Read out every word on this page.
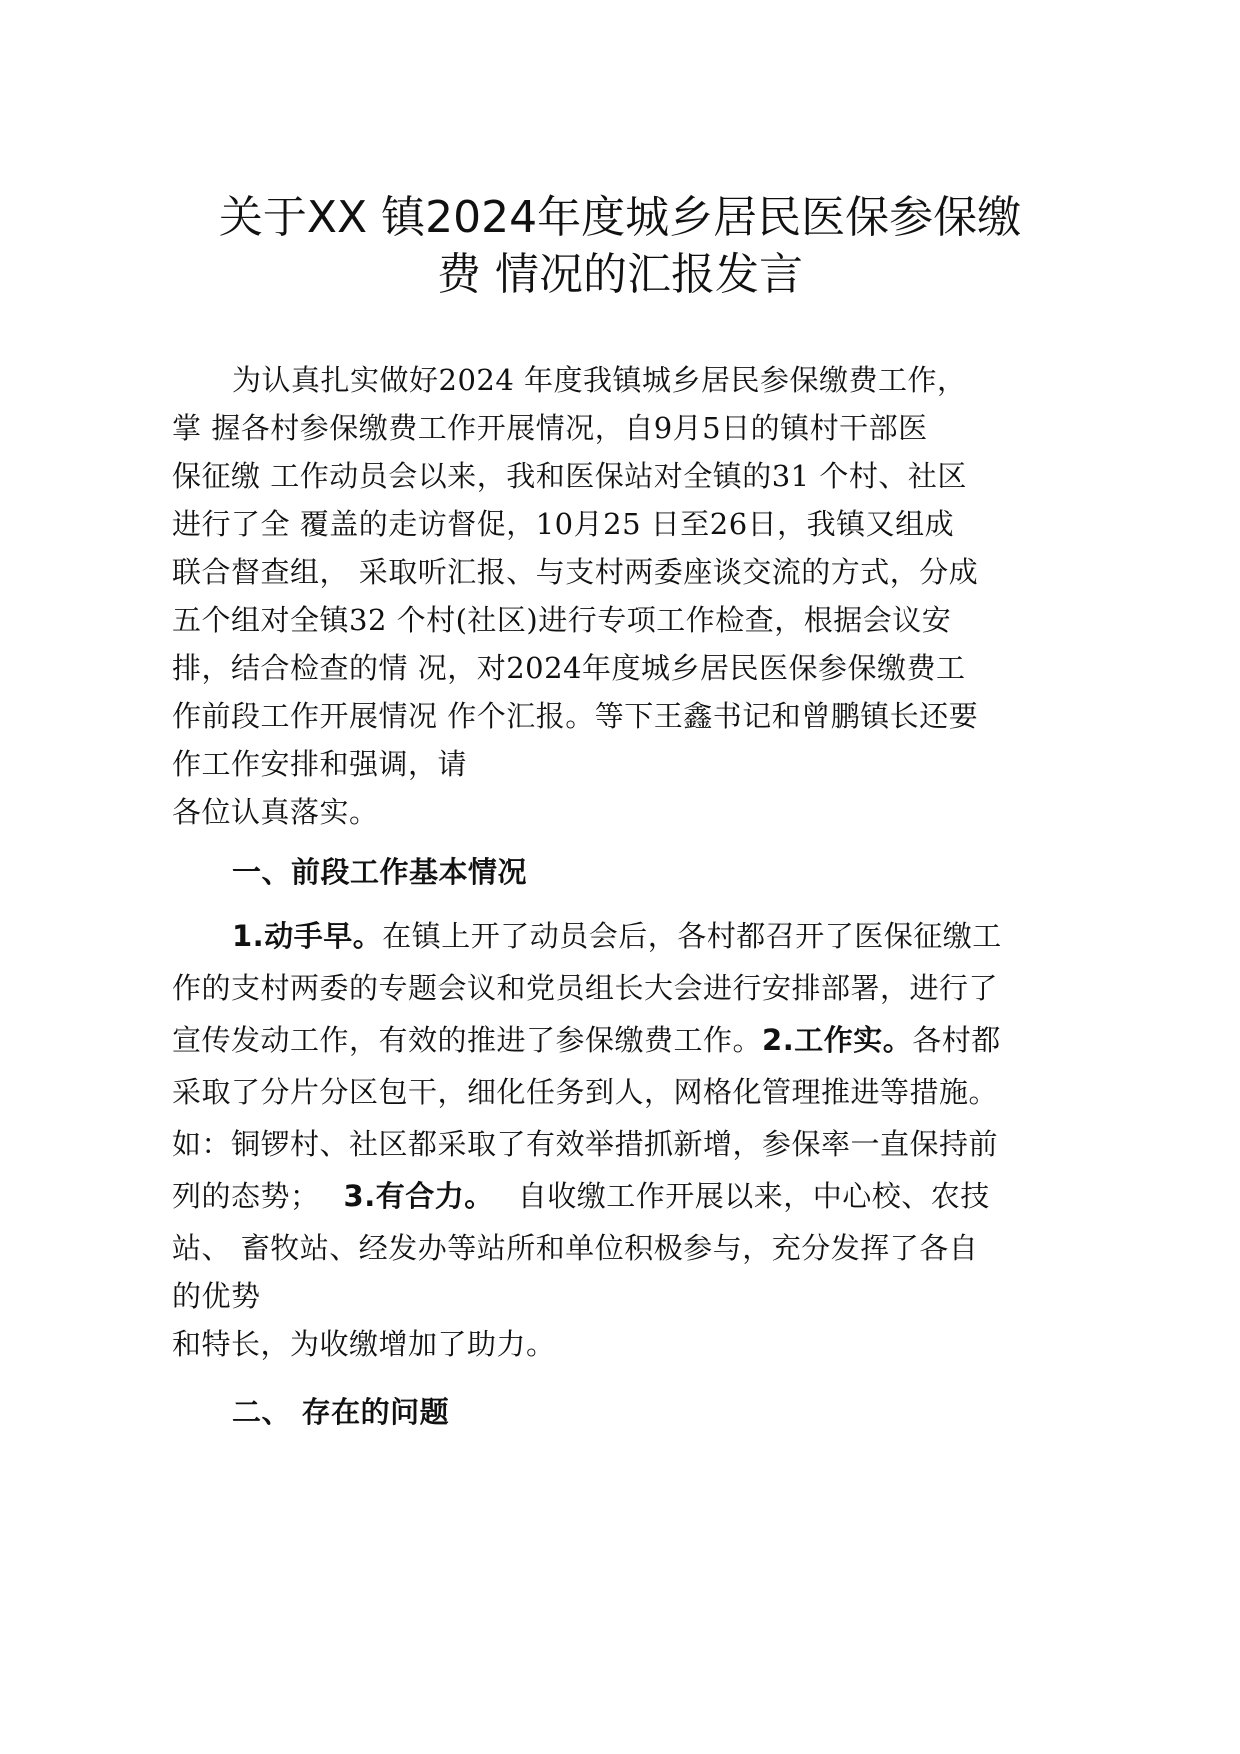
关于XX 镇2024年度城乡居民医保参保缴
费 情况的汇报发言

为认真扎实做好2024 年度我镇城乡居民参保缴费工作，

掌 握各村参保缴费工作开展情况，自9月5日的镇村干部医

保征缴 工作动员会以来，我和医保站对全镇的31 个村、社区

进行了全 覆盖的走访督促，10月25 日至26日，我镇又组成

联合督查组， 采取听汇报、与支村两委座谈交流的方式，分成

五个组对全镇32 个村(社区)进行专项工作检查，根据会议安

排，结合检查的情 况，对2024年度城乡居民医保参保缴费工

作前段工作开展情况 作个汇报。等下王鑫书记和曾鹏镇长还要

作工作安排和强调，请

各位认真落实。

一、前段工作基本情况

1.动手早。在镇上开了动员会后，各村都召开了医保征缴工

作的支村两委的专题会议和党员组长大会进行安排部署，进行了

宣传发动工作，有效的推进了参保缴费工作。2.工作实。各村都

采取了分片分区包干，细化任务到人，网格化管理推进等措施。

如：铜锣村、社区都采取了有效举措抓新增，参保率一直保持前

列的态势； 3.有合力。 自收缴工作开展以来，中心校、农技

站、 畜牧站、经发办等站所和单位积极参与，充分发挥了各自

的优势

和特长，为收缴增加了助力。

二、 存在的问题
